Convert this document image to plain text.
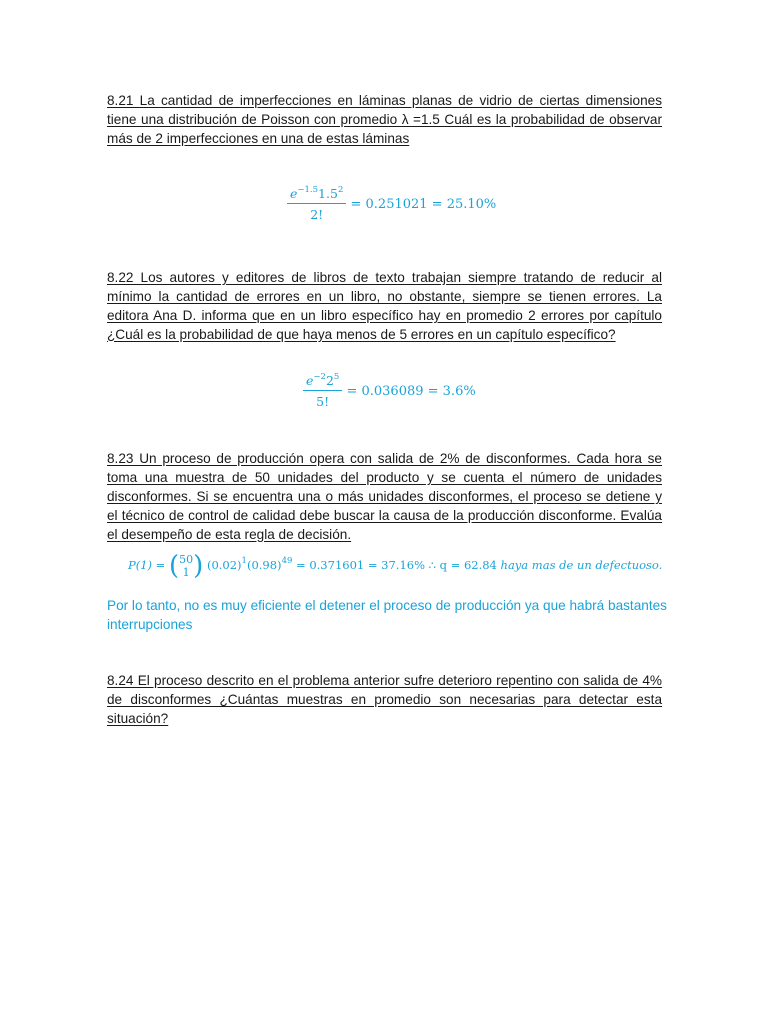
8.21 La cantidad de imperfecciones en láminas planas de vidrio de ciertas dimensiones tiene una distribución de Poisson con promedio λ =1.5 Cuál es la probabilidad de observar más de 2 imperfecciones en una de estas láminas
$\frac{e^{-1.5}1.5^2}{2!} = 0.251021 = 25.10\%$
8.22 Los autores y editores de libros de texto trabajan siempre tratando de reducir al mínimo la cantidad de errores en un libro, no obstante, siempre se tienen errores. La editora Ana D. informa que en un libro específico hay en promedio 2 errores por capítulo ¿Cuál es la probabilidad de que haya menos de 5 errores en un capítulo específico?
$\frac{e^{-2}2^5}{5!} = 0.036089 = 3.6\%$
8.23 Un proceso de producción opera con salida de 2% de disconformes. Cada hora se toma una muestra de 50 unidades del producto y se cuenta el número de unidades disconformes. Si se encuentra una o más unidades disconformes, el proceso se detiene y el técnico de control de calidad debe buscar la causa de la producción disconforme. Evalúa el desempeño de esta regla de decisión.
P(1) = (50
1 ) $(0.02)^1(0.98)^{49} = 0.371601 = 37.16\%$ ∴ q = 62.84 haya mas de un defectuoso.
Por lo tanto, no es muy eficiente el detener el proceso de producción ya que habrá bastantes interrupciones
8.24 El proceso descrito en el problema anterior sufre deterioro repentino con salida de 4% de disconformes ¿Cuántas muestras en promedio son necesarias para detectar esta situación?
